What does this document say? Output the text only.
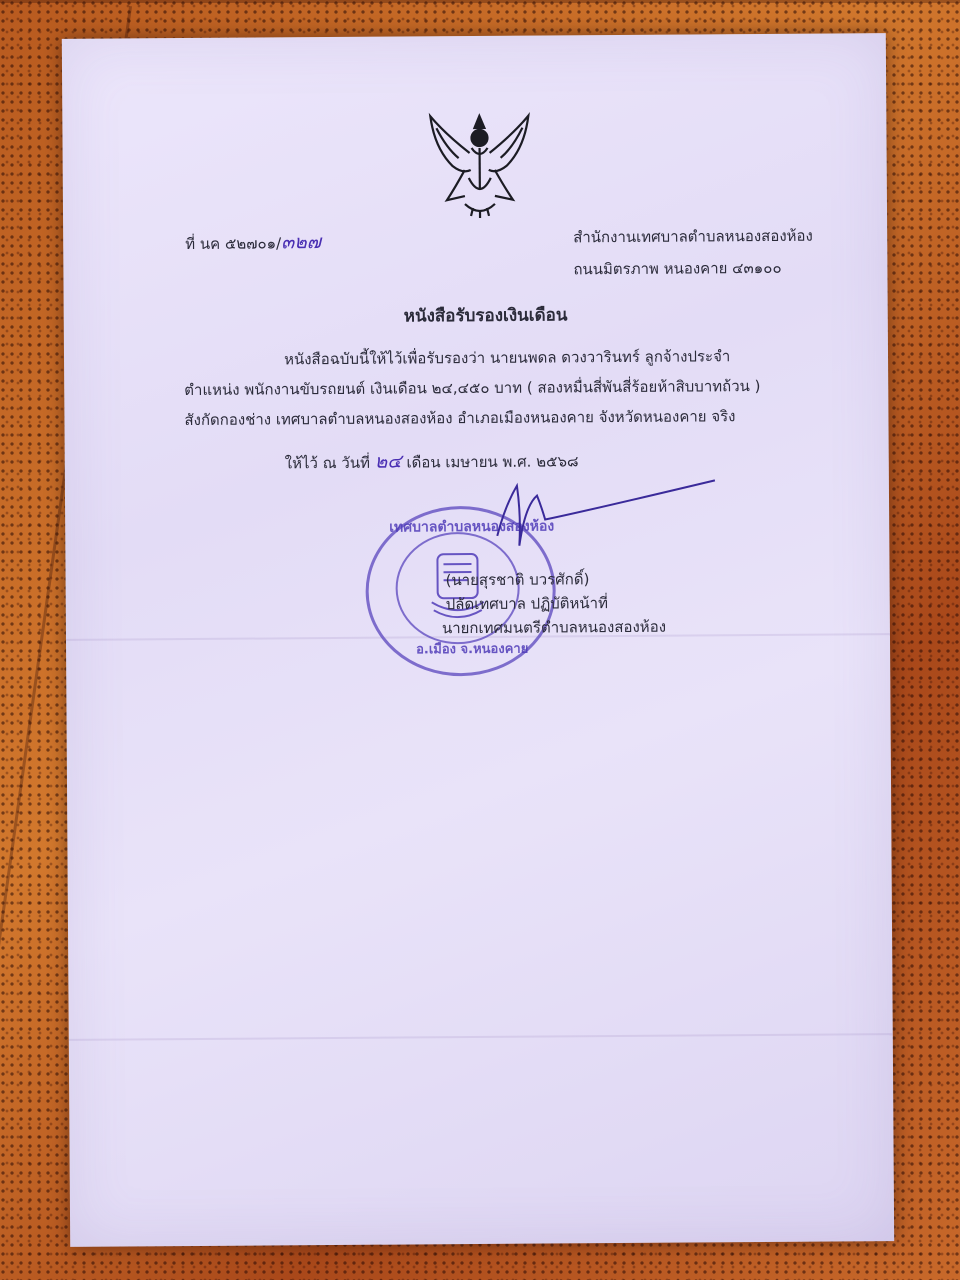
ที่ นค ๕๒๗๐๑/๓๒๗	สำนักงานเทศบาลตำบลหนองสองห้อง
ถนนมิตรภาพ หนองคาย ๔๓๑๐๐
หนังสือรับรองเงินเดือน
หนังสือฉบับนี้ให้ไว้เพื่อรับรองว่า นายนพดล ดวงวารินทร์ ลูกจ้างประจำ
ตำแหน่ง พนักงานขับรถยนต์ เงินเดือน ๒๔,๔๕๐ บาท ( สองหมื่นสี่พันสี่ร้อยห้าสิบบาทถ้วน )
สังกัดกองช่าง เทศบาลตำบลหนองสองห้อง อำเภอเมืองหนองคาย จังหวัดหนองคาย จริง
ให้ไว้ ณ วันที่ ๒๔ เดือน เมษายน พ.ศ. ๒๕๖๘
เทศบาลตำบลหนองสองห้อง
อ.เมือง จ.หนองคาย
(นายสุรชาติ บวรศักดิ์)
ปลัดเทศบาล ปฏิบัติหน้าที่
นายกเทศมนตรีตำบลหนองสองห้อง
